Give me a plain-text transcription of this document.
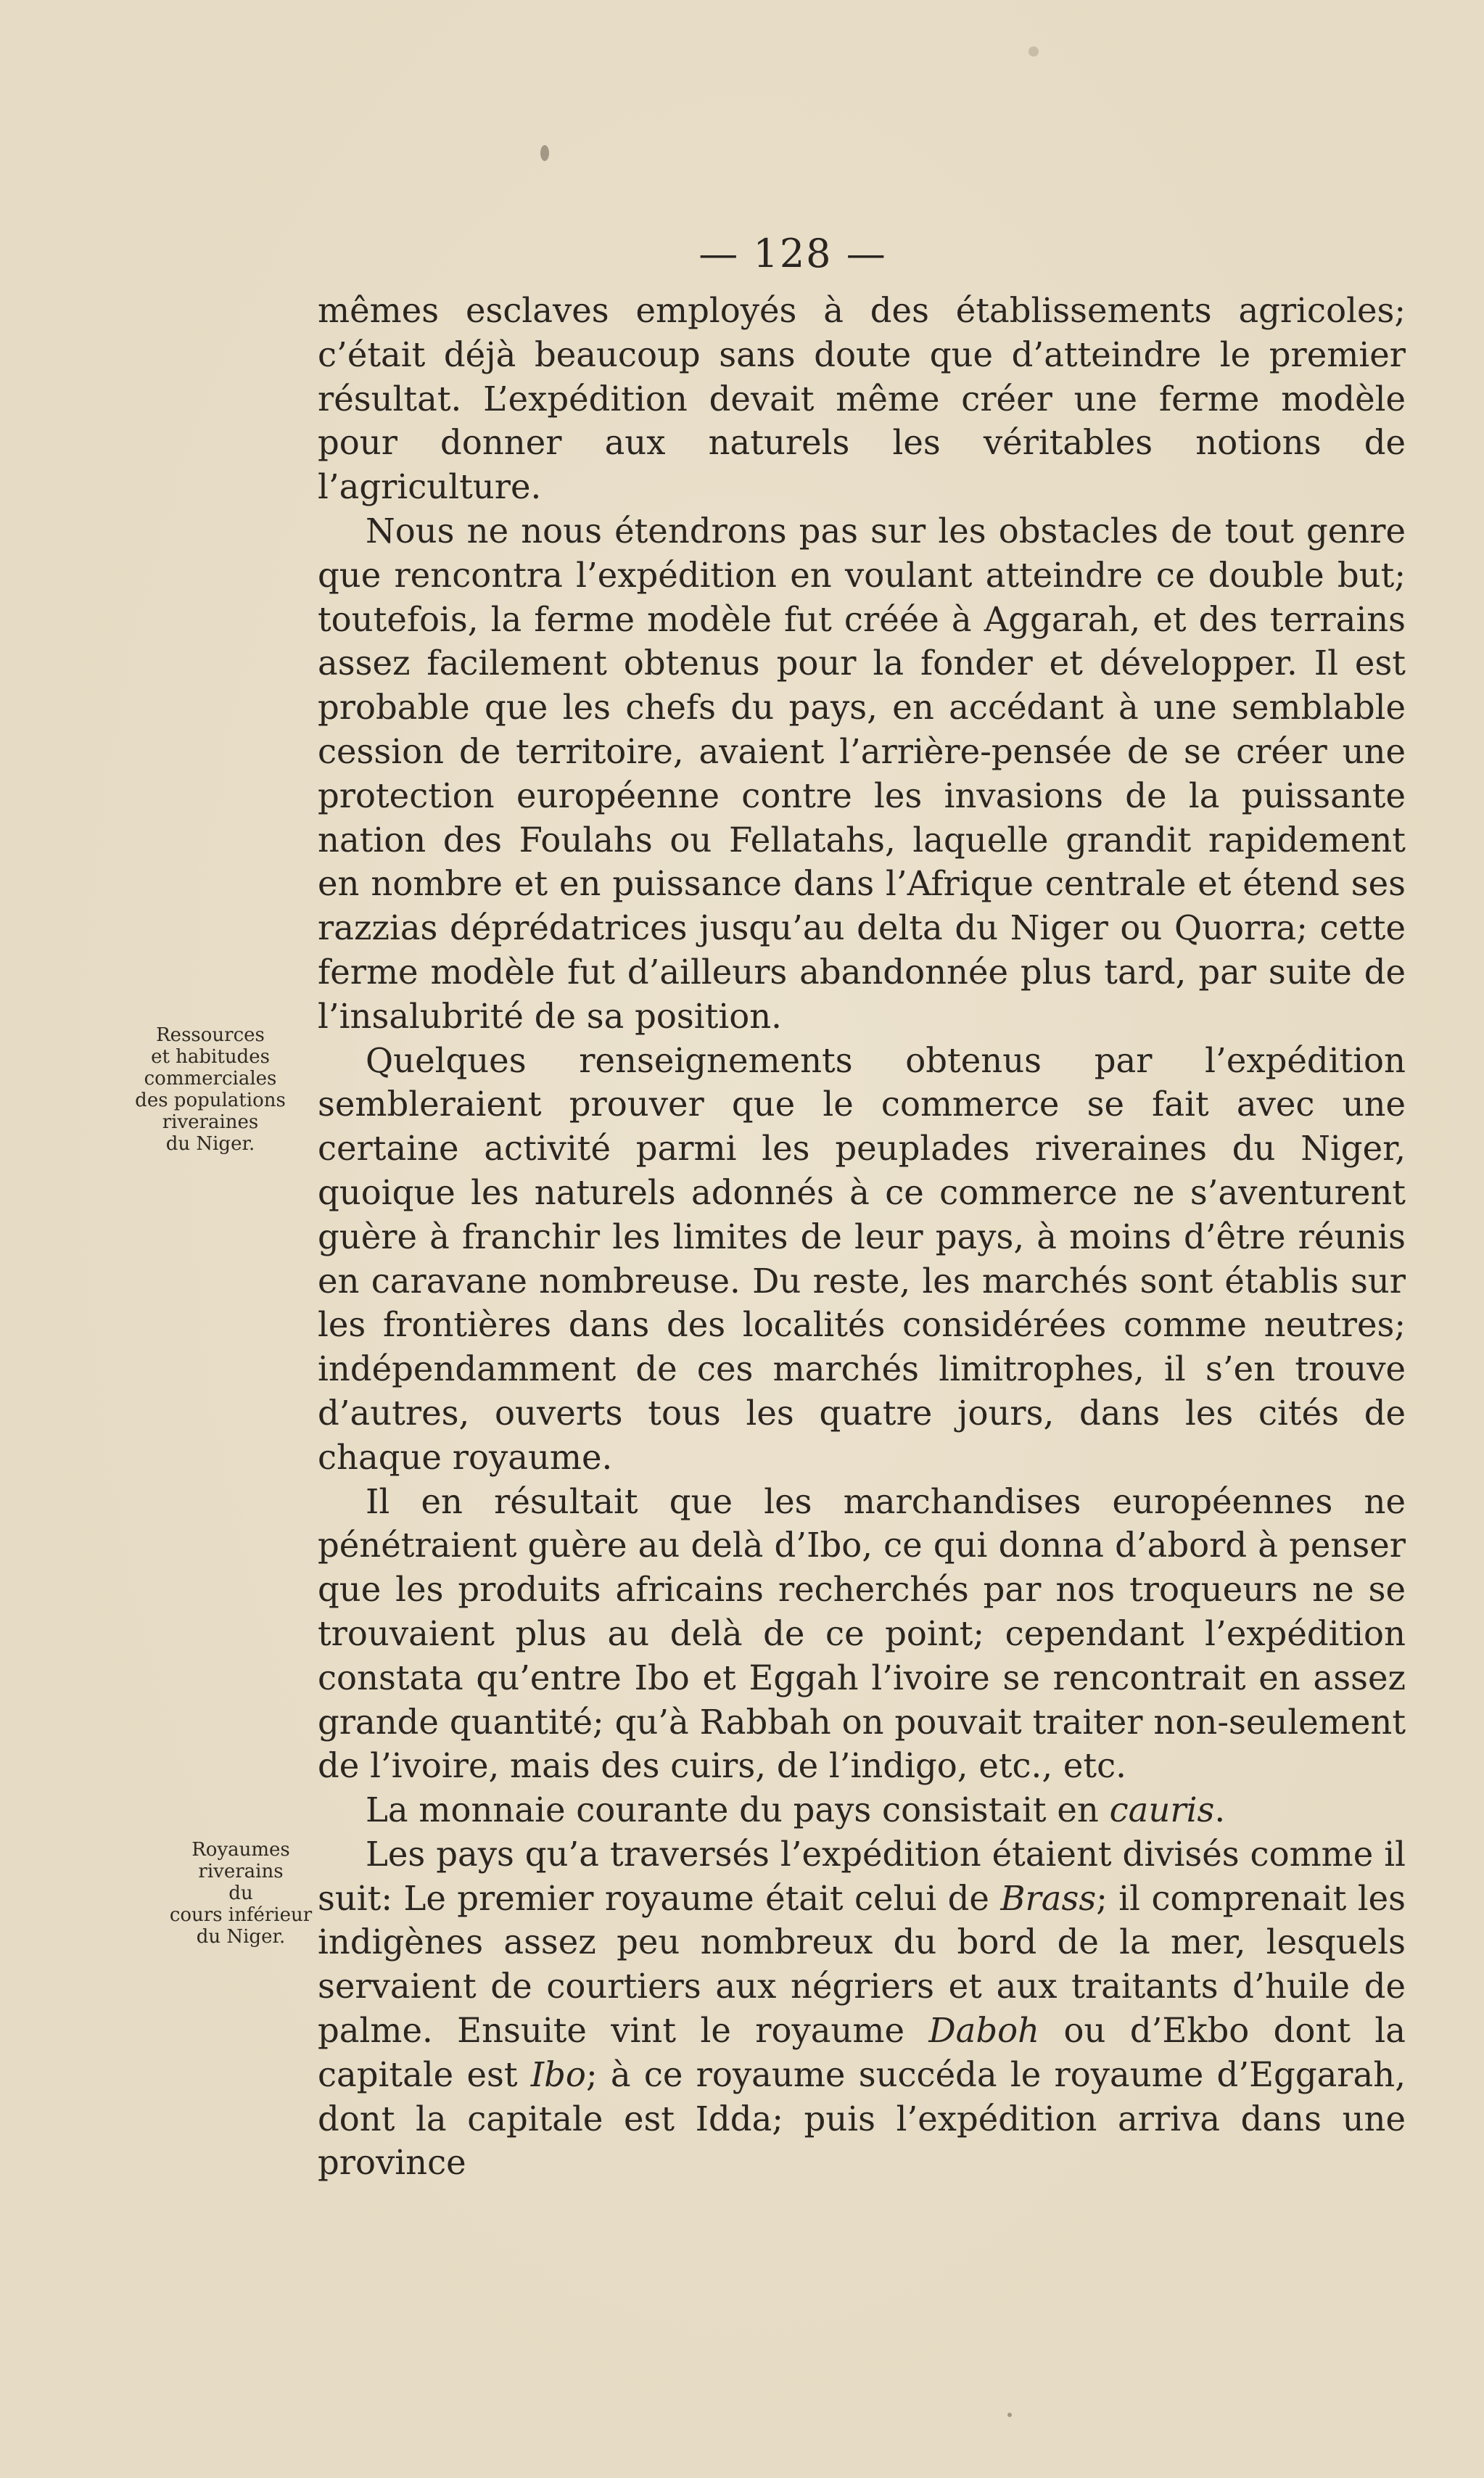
— 128 —

mêmes esclaves employés à des établissements agricoles; c’était déjà beaucoup sans doute que d’atteindre le premier résultat. L’expédition devait même créer une ferme modèle pour donner aux naturels les véritables notions de l’agriculture.

Nous ne nous étendrons pas sur les obstacles de tout genre que rencontra l’expédition en voulant atteindre ce double but; toutefois, la ferme modèle fut créée à Aggarah, et des terrains assez facilement obtenus pour la fonder et développer. Il est probable que les chefs du pays, en accédant à une semblable cession de territoire, avaient l’arrière-pensée de se créer une protection européenne contre les invasions de la puissante nation des Foulahs ou Fellatahs, laquelle grandit rapidement en nombre et en puissance dans l’Afrique centrale et étend ses razzias déprédatrices jusqu’au delta du Niger ou Quorra; cette ferme modèle fut d’ailleurs abandonnée plus tard, par suite de l’insalubrité de sa position.

Quelques renseignements obtenus par l’expédition sembleraient prouver que le commerce se fait avec une certaine activité parmi les peuplades riveraines du Niger, quoique les naturels adonnés à ce commerce ne s’aventurent guère à franchir les limites de leur pays, à moins d’être réunis en caravane nombreuse. Du reste, les marchés sont établis sur les frontières dans des localités considérées comme neutres; indépendamment de ces marchés limitrophes, il s’en trouve d’autres, ouverts tous les quatre jours, dans les cités de chaque royaume.

Il en résultait que les marchandises européennes ne pénétraient guère au delà d’Ibo, ce qui donna d’abord à penser que les produits africains recherchés par nos troqueurs ne se trouvaient plus au delà de ce point; cependant l’expédition constata qu’entre Ibo et Eggah l’ivoire se rencontrait en assez grande quantité; qu’à Rabbah on pouvait traiter non-seulement de l’ivoire, mais des cuirs, de l’indigo, etc., etc.

La monnaie courante du pays consistait en cauris.

Les pays qu’a traversés l’expédition étaient divisés comme il suit: Le premier royaume était celui de Brass; il comprenait les indigènes assez peu nombreux du bord de la mer, lesquels servaient de courtiers aux négriers et aux traitants d’huile de palme. Ensuite vint le royaume Daboh ou d’Ekbo dont la capitale est Ibo; à ce royaume succéda le royaume d’Eggarah, dont la capitale est Idda; puis l’expédition arriva dans une province

Ressources
et habitudes
commerciales
des populations
riveraines
du Niger.
Royaumes
riverains
du
cours inférieur
du Niger.
